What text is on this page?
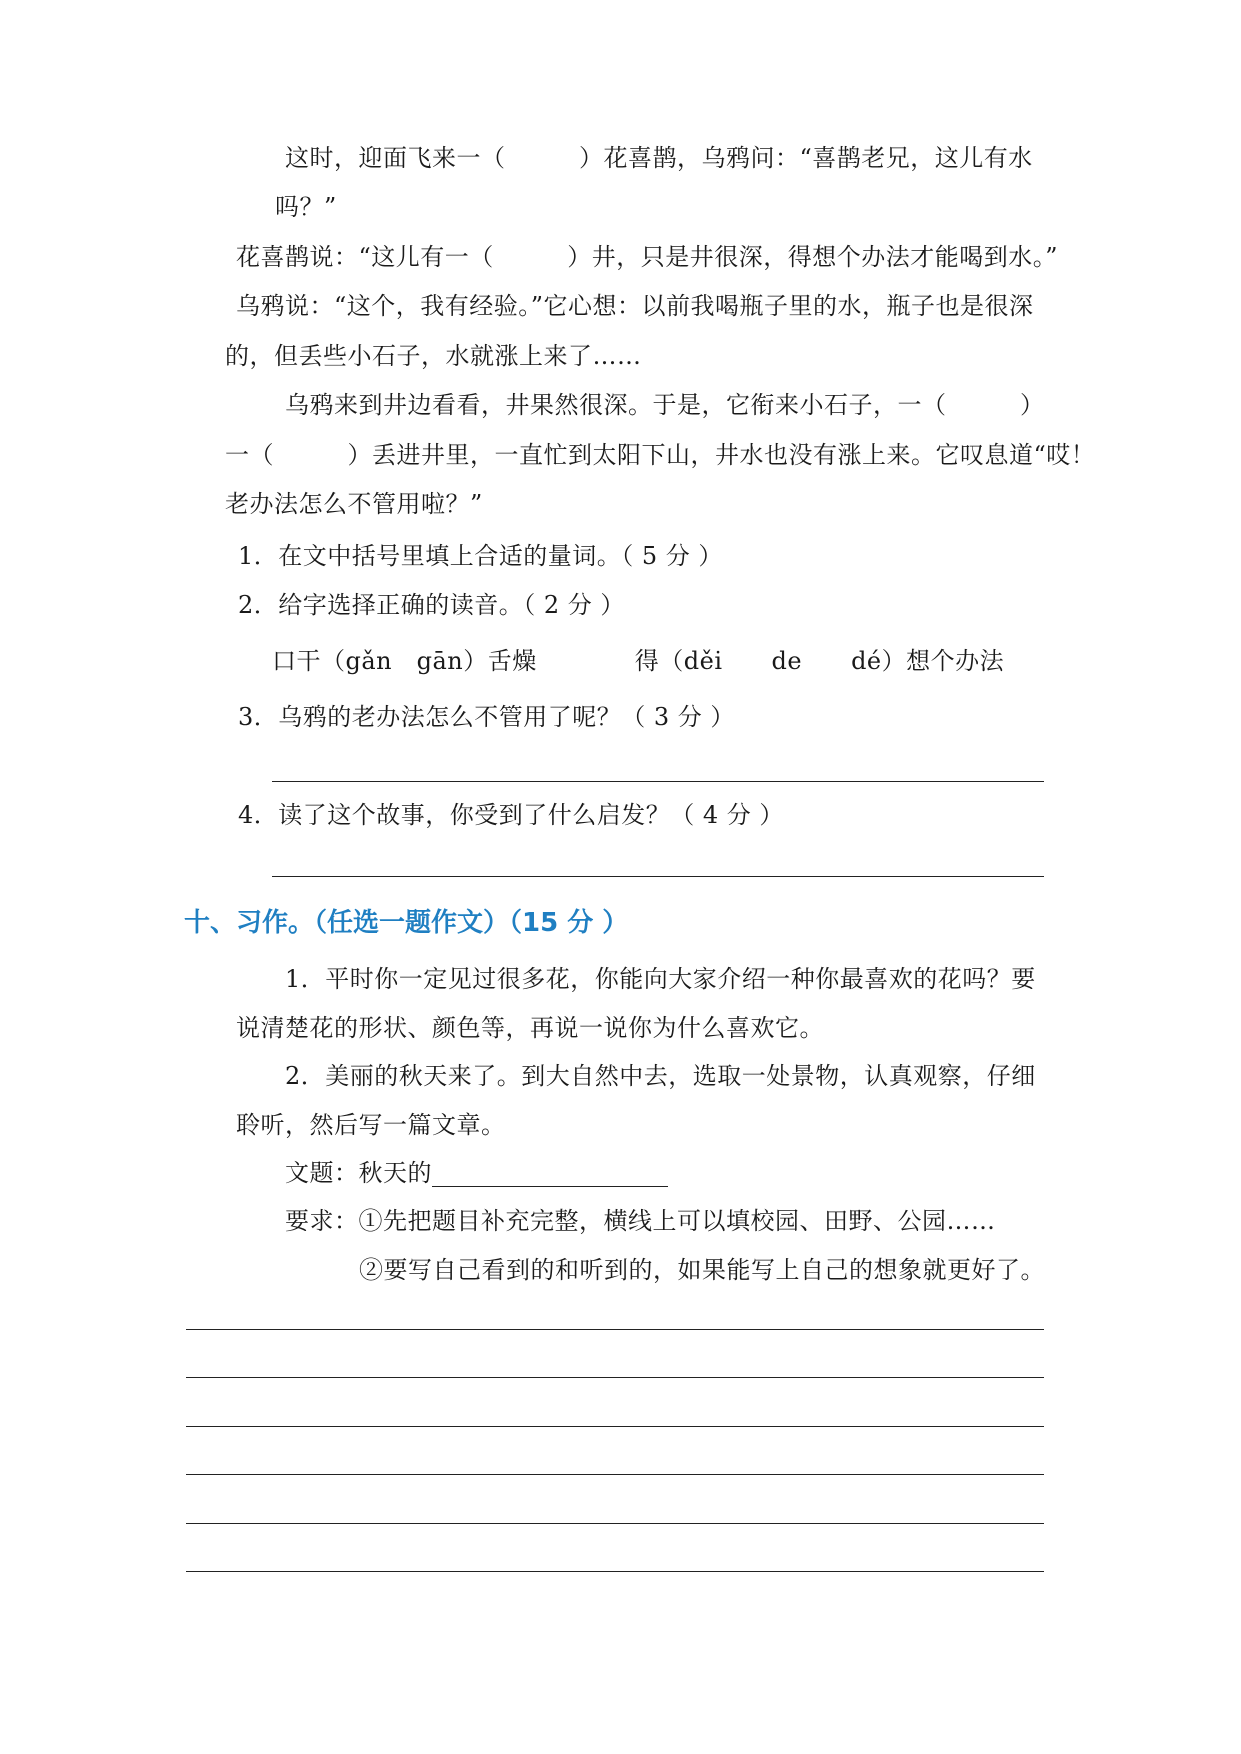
这时，迎面飞来一（　　　）花喜鹊，乌鸦问：“喜鹊老兄，这儿有水
吗？”
花喜鹊说：“这儿有一（　　　）井，只是井很深，得想个办法才能喝到水。”
乌鸦说：“这个，我有经验。”它心想：以前我喝瓶子里的水，瓶子也是很深
的，但丢些小石子，水就涨上来了……
乌鸦来到井边看看，井果然很深。于是，它衔来小石子，一（　　　）
一（　　　）丢进井里，一直忙到太阳下山，井水也没有涨上来。它叹息道“哎！
老办法怎么不管用啦？”
1．在文中括号里填上合适的量词。（ 5 分 ）
2．给字选择正确的读音。（ 2 分 ）
口干（gǎn　gān）舌燥　　　　得（děi　　de　　dé）想个办法
3．乌鸦的老办法怎么不管用了呢？（ 3 分 ）
4．读了这个故事，你受到了什么启发？（ 4 分 ）
十、习作。（任选一题作文）（15 分 ）
1．平时你一定见过很多花，你能向大家介绍一种你最喜欢的花吗？要
说清楚花的形状、颜色等，再说一说你为什么喜欢它。
2．美丽的秋天来了。到大自然中去，选取一处景物，认真观察，仔细
聆听，然后写一篇文章。
文题：秋天的
要求：①先把题目补充完整，横线上可以填校园、田野、公园……
②要写自己看到的和听到的，如果能写上自己的想象就更好了。
